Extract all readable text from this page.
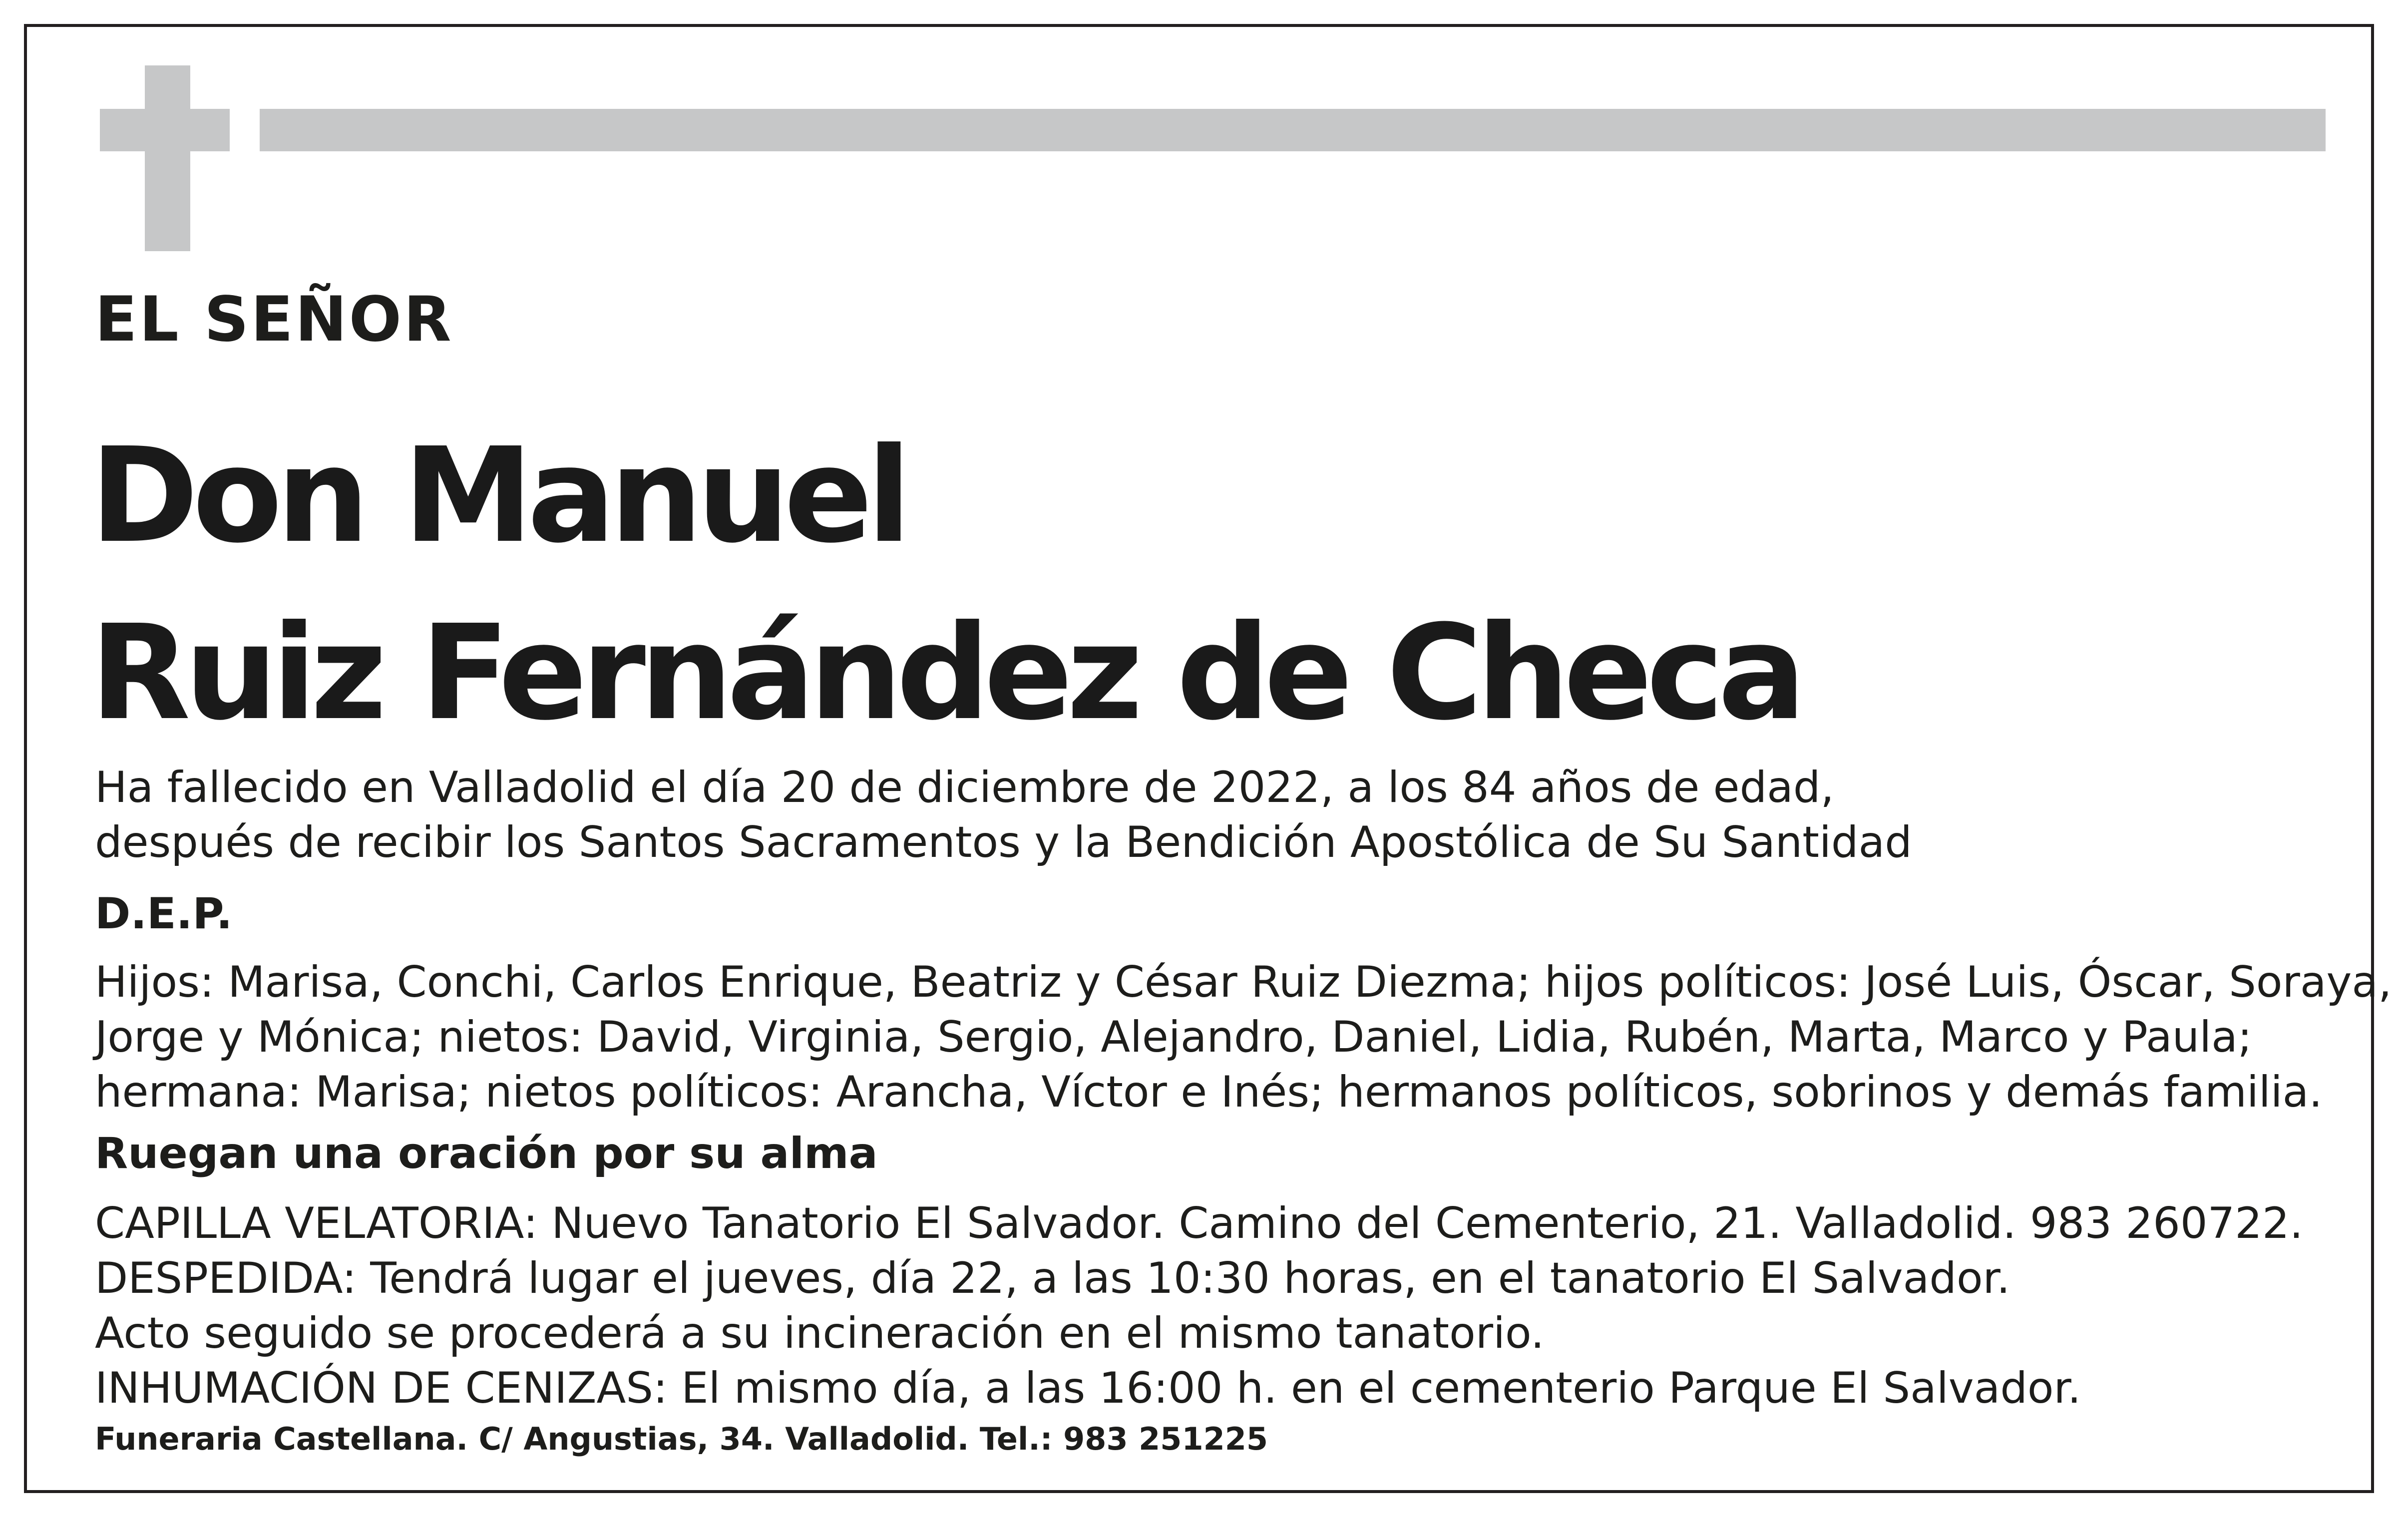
EL SEÑOR
Don Manuel
Ruiz Fernández de Checa

Ha fallecido en Valladolid el día 20 de diciembre de 2022, a los 84 años de edad,
después de recibir los Santos Sacramentos y la Bendición Apostólica de Su Santidad

D.E.P.

Hijos: Marisa, Conchi, Carlos Enrique, Beatriz y César Ruiz Diezma; hijos políticos: José Luis, Óscar, Soraya,
Jorge y Mónica; nietos: David, Virginia, Sergio, Alejandro, Daniel, Lidia, Rubén, Marta, Marco y Paula;
hermana: Marisa; nietos políticos: Arancha, Víctor e Inés; hermanos políticos, sobrinos y demás familia.

Ruegan una oración por su alma

CAPILLA VELATORIA: Nuevo Tanatorio El Salvador. Camino del Cementerio, 21. Valladolid. 983 260722.
DESPEDIDA: Tendrá lugar el jueves, día 22, a las 10:30 horas, en el tanatorio El Salvador.
Acto seguido se procederá a su incineración en el mismo tanatorio.
INHUMACIÓN DE CENIZAS: El mismo día, a las 16:00 h. en el cementerio Parque El Salvador.

Funeraria Castellana. C/ Angustias, 34. Valladolid. Tel.: 983 251225
